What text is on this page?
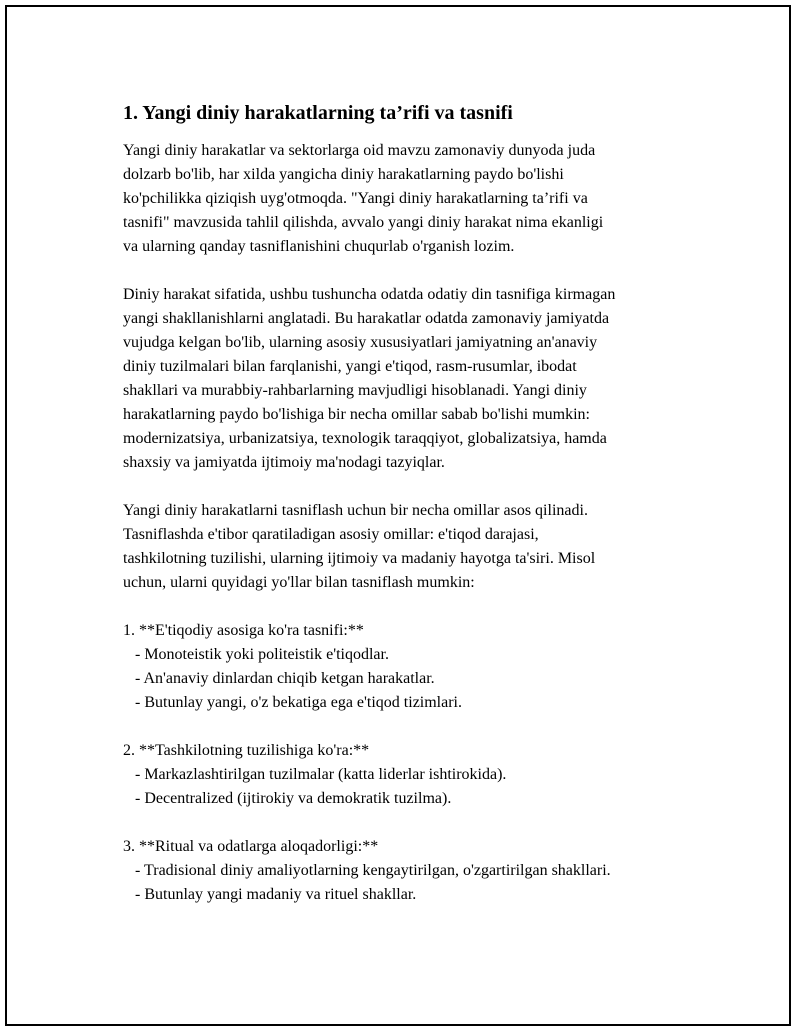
1. Yangi diniy harakatlarning ta’rifi va tasnifi

Yangi diniy harakatlar va sektorlarga oid mavzu zamonaviy dunyoda juda
dolzarb bo'lib, har xilda yangicha diniy harakatlarning paydo bo'lishi
ko'pchilikka qiziqish uyg'otmoqda. "Yangi diniy harakatlarning ta’rifi va
tasnifi" mavzusida tahlil qilishda, avvalo yangi diniy harakat nima ekanligi
va ularning qanday tasniflanishini chuqurlab o'rganish lozim.

Diniy harakat sifatida, ushbu tushuncha odatda odatiy din tasnifiga kirmagan
yangi shakllanishlarni anglatadi. Bu harakatlar odatda zamonaviy jamiyatda
vujudga kelgan bo'lib, ularning asosiy xususiyatlari jamiyatning an'anaviy
diniy tuzilmalari bilan farqlanishi, yangi e'tiqod, rasm-rusumlar, ibodat
shakllari va murabbiy-rahbarlarning mavjudligi hisoblanadi. Yangi diniy
harakatlarning paydo bo'lishiga bir necha omillar sabab bo'lishi mumkin:
modernizatsiya, urbanizatsiya, texnologik taraqqiyot, globalizatsiya, hamda
shaxsiy va jamiyatda ijtimoiy ma'nodagi tazyiqlar.

Yangi diniy harakatlarni tasniflash uchun bir necha omillar asos qilinadi.
Tasniflashda e'tibor qaratiladigan asosiy omillar: e'tiqod darajasi,
tashkilotning tuzilishi, ularning ijtimoiy va madaniy hayotga ta'siri. Misol
uchun, ularni quyidagi yo'llar bilan tasniflash mumkin:

1. **E'tiqodiy asosiga ko'ra tasnifi:**
- Monoteistik yoki politeistik e'tiqodlar.
- An'anaviy dinlardan chiqib ketgan harakatlar.
- Butunlay yangi, o'z bekatiga ega e'tiqod tizimlari.
2. **Tashkilotning tuzilishiga ko'ra:**
- Markazlashtirilgan tuzilmalar (katta liderlar ishtirokida).
- Decentralized (ijtirokiy va demokratik tuzilma).
3. **Ritual va odatlarga aloqadorligi:**
- Tradisional diniy amaliyotlarning kengaytirilgan, o'zgartirilgan shakllari.
- Butunlay yangi madaniy va rituel shakllar.
